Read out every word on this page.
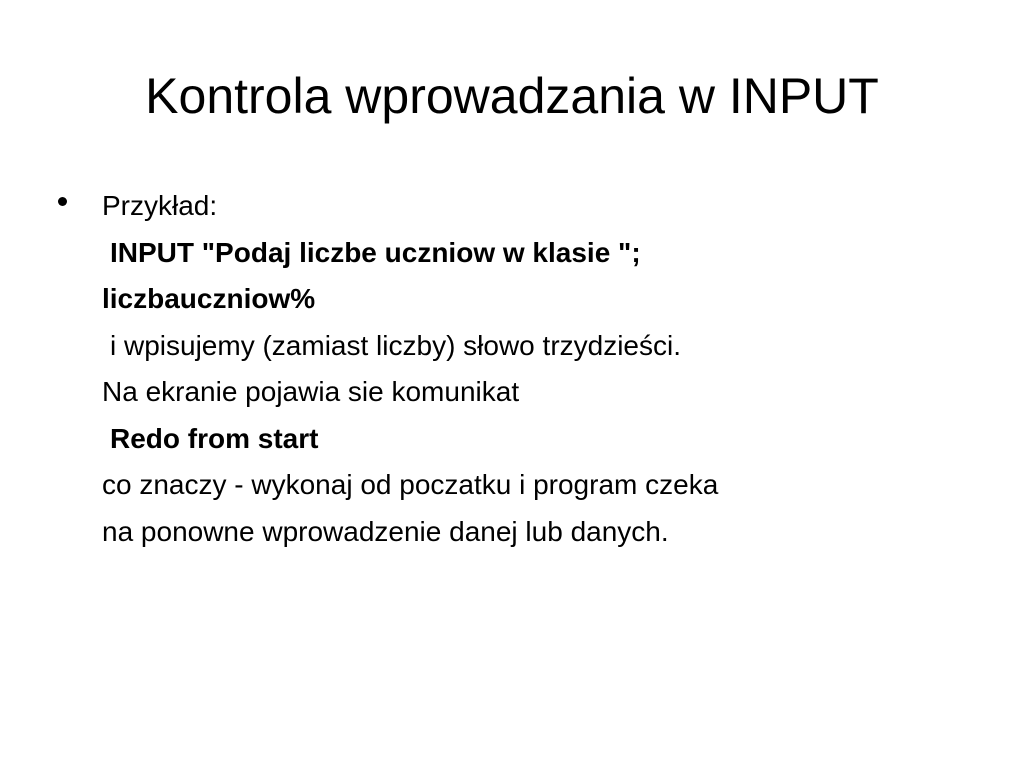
Kontrola wprowadzania w INPUT
Przykład:
INPUT "Podaj liczbe uczniow w klasie ";
liczbauczniow%
i wpisujemy (zamiast liczby) słowo trzydzieści.
Na ekranie pojawia sie komunikat
Redo from start
co znaczy - wykonaj od poczatku i program czeka
na ponowne wprowadzenie danej lub danych.
